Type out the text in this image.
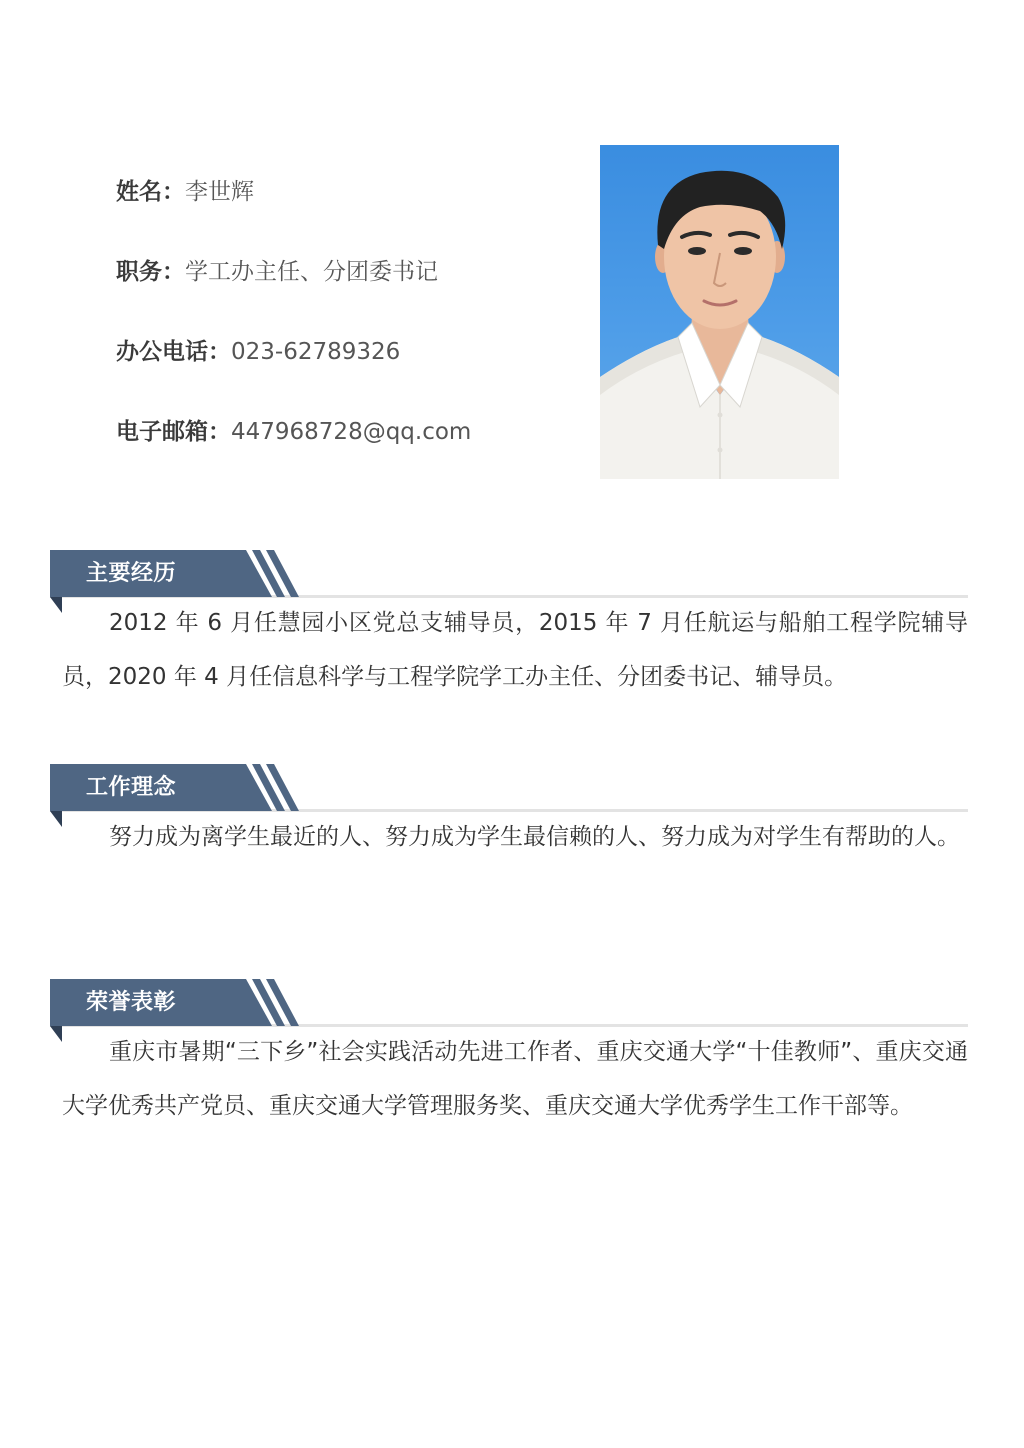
姓名： 李世辉
职务： 学工办主任、分团委书记
办公电话： 023-62789326
电子邮箱： 447968728@qq.com
主要经历

2012 年 6 月任慧园小区党总支辅导员，2015 年 7 月任航运与船舶工程学院辅导员，2020 年 4 月任信息科学与工程学院学工办主任、分团委书记、辅导员。

工作理念

努力成为离学生最近的人、努力成为学生最信赖的人、努力成为对学生有帮助的人。

荣誉表彰

重庆市暑期“三下乡”社会实践活动先进工作者、重庆交通大学“十佳教师”、重庆交通大学优秀共产党员、重庆交通大学管理服务奖、重庆交通大学优秀学生工作干部等。
